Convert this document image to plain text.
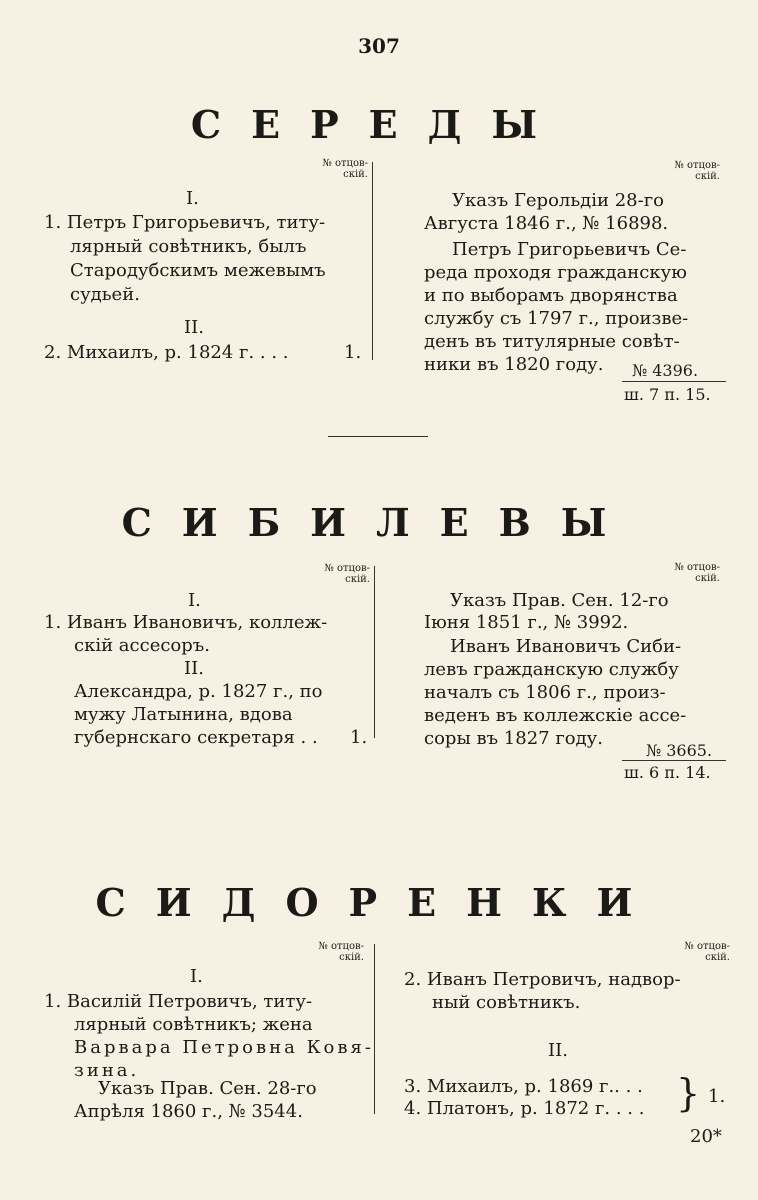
307
СЕРЕДЫ
№ отцов-
скій.
№ отцов-
скій.
I.
1. Петръ Григорьевичъ, титу-
лярный совѣтникъ, былъ
Стародубскимъ межевымъ
судьей.
II.
2. Михаилъ, р. 1824 г. . . .	1.
Указъ Герольдіи 28-го
Августа 1846 г., № 16898.
Петръ Григорьевичъ Се-
реда проходя гражданскую
и по выборамъ дворянства
службу съ 1797 г., произве-
денъ въ титулярные совѣт-
ники въ 1820 году. № 4396.
ш. 7 п. 15.
СИБИЛЕВЫ
№ отцов-
скій.
№ отцов-
скій.
I.
1. Иванъ Ивановичъ, коллеж-
скій ассесоръ.
II.
Александра, р. 1827 г., по
мужу Латынина, вдова
губернскаго секретаря . . 1.
Указъ Прав. Сен. 12-го
Іюня 1851 г., № 3992.
Иванъ Ивановичъ Сиби-
левъ гражданскую службу
началъ съ 1806 г., произ-
веденъ въ коллежскіе ассе-
соры въ 1827 году.
№ 3665.
ш. 6 п. 14.
СИДОРЕНКИ
№ отцов-
скій.
№ отцов-
скій.
I.
1. Василій Петровичъ, титу-
лярный совѣтникъ; жена
Варвара Петровна Ковя-
зина.
Указъ Прав. Сен. 28-го
Апрѣля 1860 г., № 3544.
2. Иванъ Петровичъ, надвор-
ный совѣтникъ.
II.
3. Михаилъ, р. 1869 г.. . .
4. Платонъ, р. 1872 г. . . . } 1.
20*
